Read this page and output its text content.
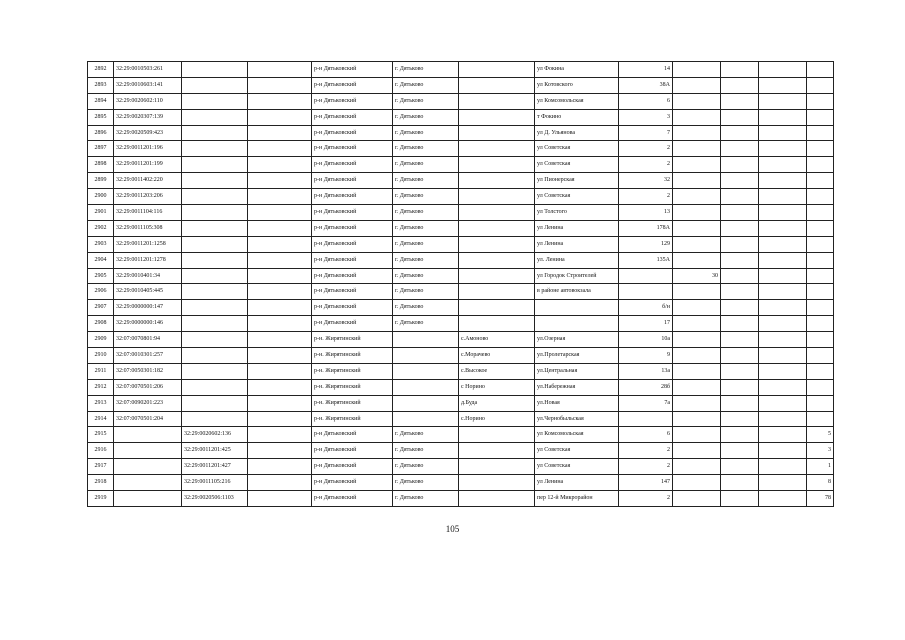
2892	32:29:0010503:261			р-н Дятьковский	г. Дятьково		ул Фокина	14				
2893	32:29:0010603:141			р-н Дятьковский	г. Дятьково		ул Котовского	38А				
2894	32:29:0020602:110			р-н Дятьковский	г. Дятьково		ул Комсомольская	6				
2895	32:29:0020307:139			р-н Дятьковский	г. Дятьково		т Фокино	3				
2896	32:29:0020509:423			р-н Дятьковский	г. Дятьково		ул Д. Ульянова	7				
2897	32:29:0011201:196			р-н Дятьковский	г. Дятьково		ул Советская	2				
2898	32:29:0011201:199			р-н Дятьковский	г. Дятьково		ул Советская	2				
2899	32:29:0011402:220			р-н Дятьковский	г. Дятьково		ул Пионерская	32				
2900	32:29:0011203:206			р-н Дятьковский	г. Дятьково		ул Советская	2				
2901	32:29:0011104:116			р-н Дятьковский	г. Дятьково		ул Толстого	13				
2902	32:29:0011105:308			р-н Дятьковский	г. Дятьково		ул Ленина	178А				
2903	32:29:0011201:1258			р-н Дятьковский	г. Дятьково		ул Ленина	129				
2904	32:29:0011201:1278			р-н Дятьковский	г. Дятьково		ул. Ленина	135А				
2905	32:29:0010401:34			р-н Дятьковский	г. Дятьково		ул Городок Строителей		30			
2906	32:29:0010405:445			р-н Дятьковский	г. Дятьково		в районе автовокзала					
2907	32:29:0000000:147			р-н Дятьковский	г. Дятьково			б/н				
2908	32:29:0000000:146			р-н Дятьковский	г. Дятьково			17				
2909	32:07:0070801:94			р-н. Жирятинский		с.Амоново	ул.Озерная	10а				
2910	32:07:0010301:257			р-н. Жирятинский		с.Морачево	ул.Пролетарская	9				
2911	32:07:0050301:182			р-н. Жирятинский		с.Высокое	ул.Центральная	13а				
2912	32:07:0070501:206			р-н. Жирятинский		с Норино	ул.Набережная	28б				
2913	32:07:0090201:223			р-н. Жирятинский		д.Буда	ул.Новая	7а				
2914	32:07:0070501:204			р-н. Жирятинский		с.Норино	ул.Чернобыльская					
2915		32:29:0020602:136		р-н Дятьковский	г. Дятьково		ул Комсомольская	6				5
2916		32:29:0011201:425		р-н Дятьковский	г. Дятьково		ул Советская	2				3
2917		32:29:0011201:427		р-н Дятьковский	г. Дятьково		ул Советская	2				1
2918		32:29:0011105:216		р-н Дятьковский	г. Дятьково		ул Ленина	147				8
2919		32:29:0020506:1103		р-н Дятьковский	г. Дятьково		пер 12-й Микрорайон	2				78
105
